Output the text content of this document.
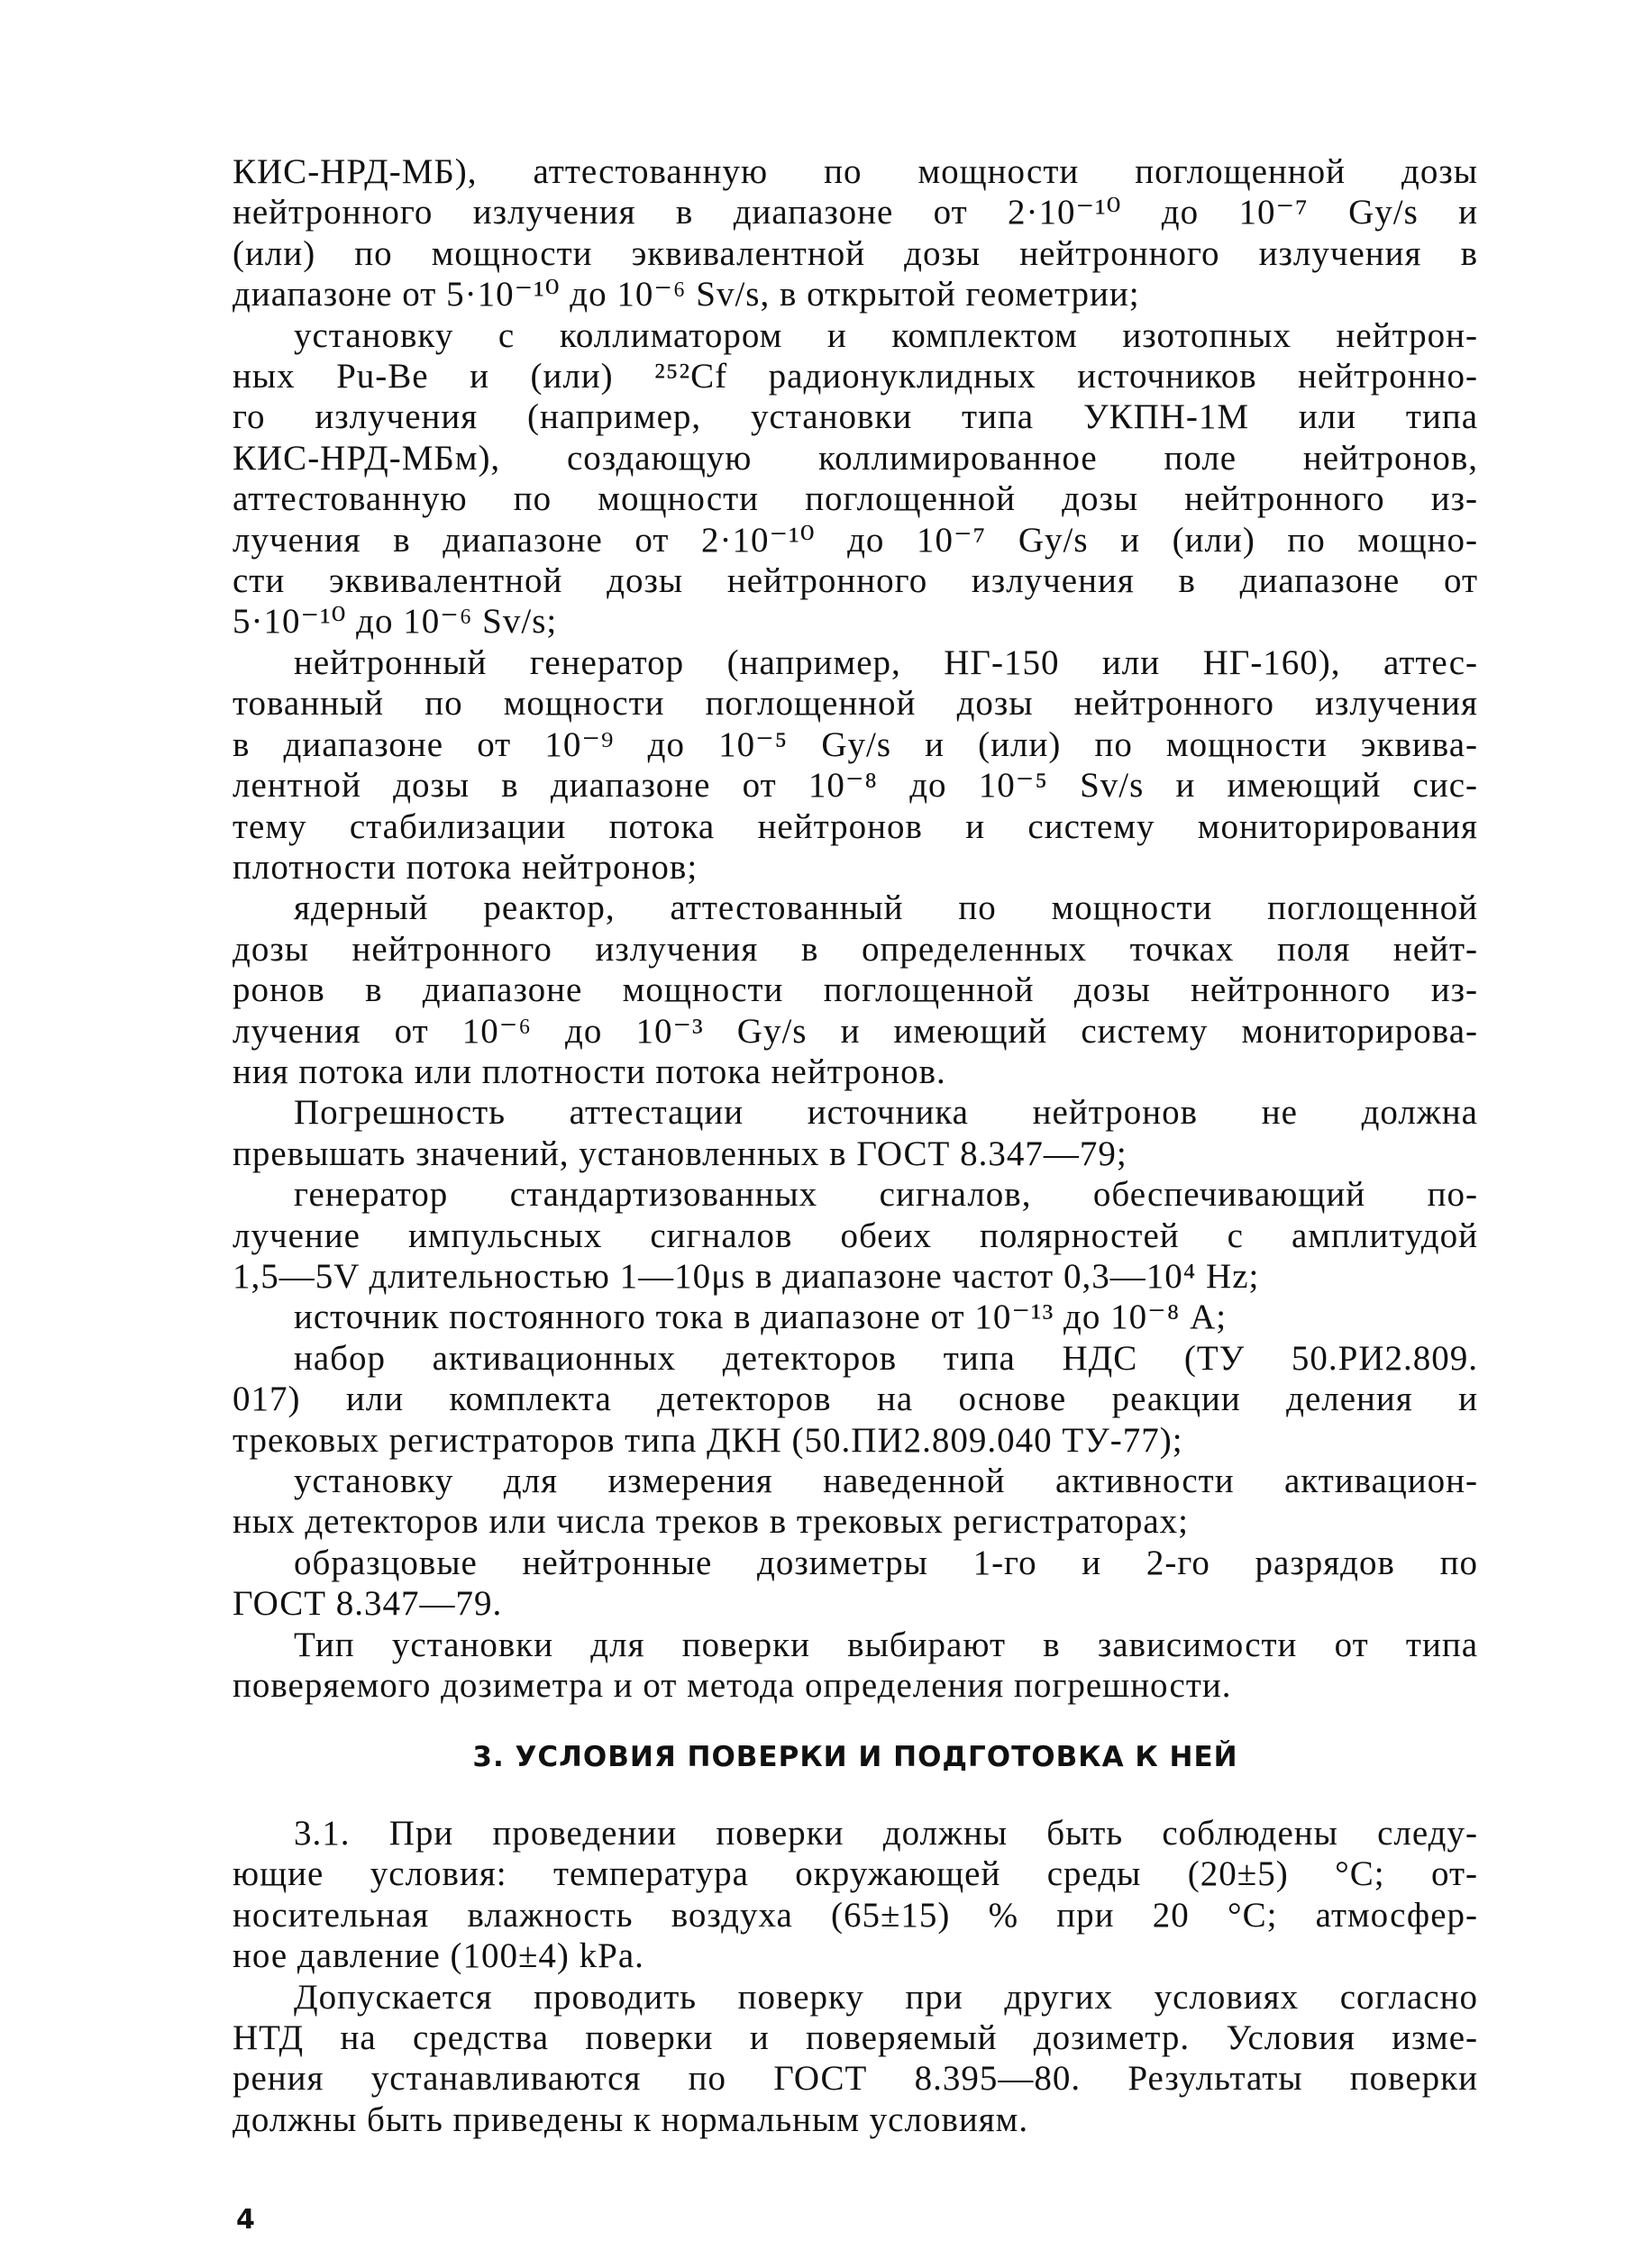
КИС-НРД-МБ), аттестованную по мощности поглощенной дозы
нейтронного излучения в диапазоне от 2·10⁻¹⁰ до 10⁻⁷ Gy/s и
(или) по мощности эквивалентной дозы нейтронного излучения в
диапазоне от 5·10⁻¹⁰ до 10⁻⁶ Sv/s, в открытой геометрии;
установку с коллиматором и комплектом изотопных нейтрон-
ных Pu-Be и (или) ²⁵²Cf радионуклидных источников нейтронно-
го излучения (например, установки типа УКПН-1М или типа
КИС-НРД-МБм), создающую коллимированное поле нейтронов,
аттестованную по мощности поглощенной дозы нейтронного из-
лучения в диапазоне от 2·10⁻¹⁰ до 10⁻⁷ Gy/s и (или) по мощно-
сти эквивалентной дозы нейтронного излучения в диапазоне от
5·10⁻¹⁰ до 10⁻⁶ Sv/s;
нейтронный генератор (например, НГ-150 или НГ-160), аттес-
тованный по мощности поглощенной дозы нейтронного излучения
в диапазоне от 10⁻⁹ до 10⁻⁵ Gy/s и (или) по мощности эквива-
лентной дозы в диапазоне от 10⁻⁸ до 10⁻⁵ Sv/s и имеющий сис-
тему стабилизации потока нейтронов и систему мониторирования
плотности потока нейтронов;
ядерный реактор, аттестованный по мощности поглощенной
дозы нейтронного излучения в определенных точках поля нейт-
ронов в диапазоне мощности поглощенной дозы нейтронного из-
лучения от 10⁻⁶ до 10⁻³ Gy/s и имеющий систему мониторирова-
ния потока или плотности потока нейтронов.
Погрешность аттестации источника нейтронов не должна
превышать значений, установленных в ГОСТ 8.347—79;
генератор стандартизованных сигналов, обеспечивающий по-
лучение импульсных сигналов обеих полярностей с амплитудой
1,5—5V длительностью 1—10μs в диапазоне частот 0,3—10⁴ Hz;
источник постоянного тока в диапазоне от 10⁻¹³ до 10⁻⁸ A;
набор активационных детекторов типа НДС (ТУ 50.РИ2.809.
017) или комплекта детекторов на основе реакции деления и
трековых регистраторов типа ДКН (50.ПИ2.809.040 ТУ-77);
установку для измерения наведенной активности активацион-
ных детекторов или числа треков в трековых регистраторах;
образцовые нейтронные дозиметры 1-го и 2-го разрядов по
ГОСТ 8.347—79.
Тип установки для поверки выбирают в зависимости от типа
поверяемого дозиметра и от метода определения погрешности.
3. УСЛОВИЯ ПОВЕРКИ И ПОДГОТОВКА К НЕЙ
3.1. При проведении поверки должны быть соблюдены следу-
ющие условия: температура окружающей среды (20±5) °C; от-
носительная влажность воздуха (65±15) % при 20 °C; атмосфер-
ное давление (100±4) kPa.
Допускается проводить поверку при других условиях согласно
НТД на средства поверки и поверяемый дозиметр. Условия изме-
рения устанавливаются по ГОСТ 8.395—80. Результаты поверки
должны быть приведены к нормальным условиям.
4
